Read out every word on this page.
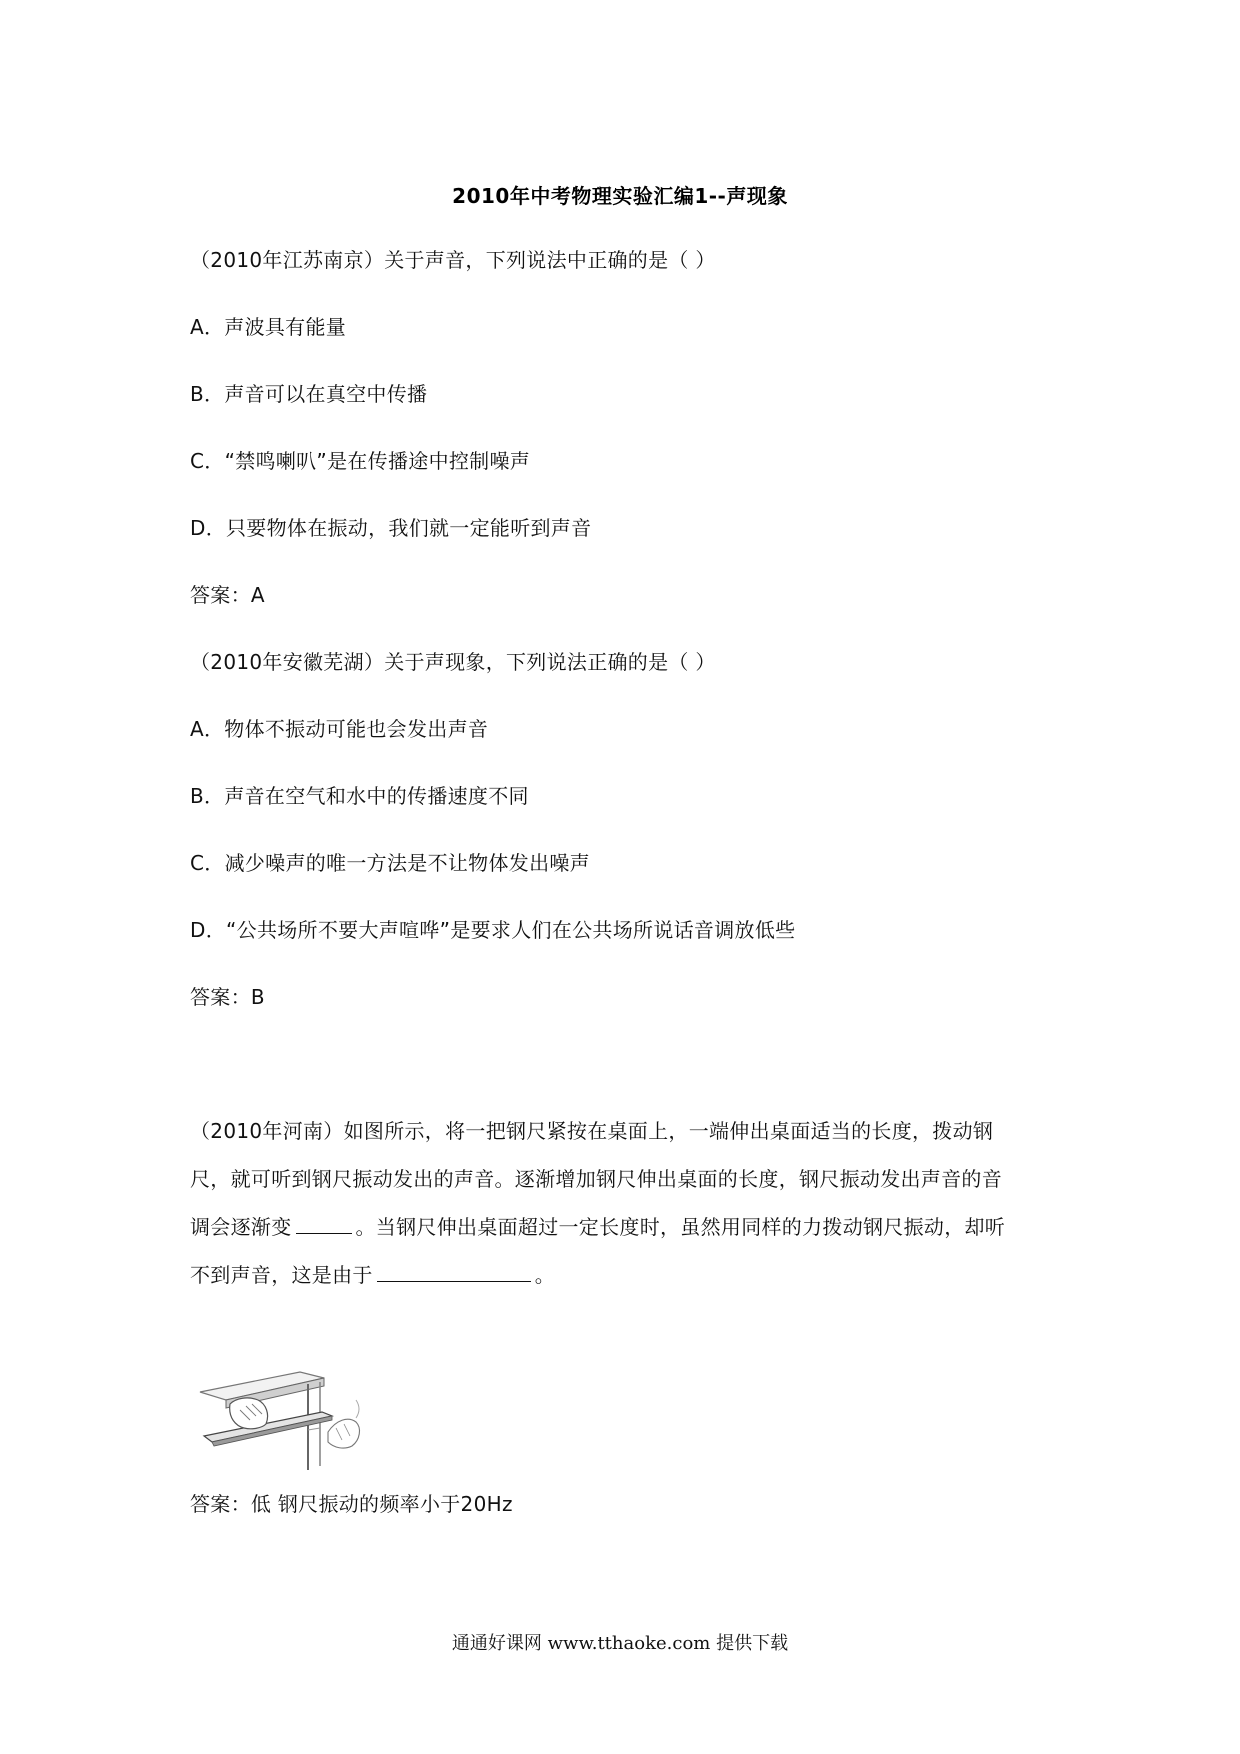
2010年中考物理实验汇编1--声现象
（2010年江苏南京）关于声音，下列说法中正确的是（ ）
A．声波具有能量
B．声音可以在真空中传播
C．“禁鸣喇叭”是在传播途中控制噪声
D．只要物体在振动，我们就一定能听到声音
答案：A
（2010年安徽芜湖）关于声现象，下列说法正确的是（ ）
A．物体不振动可能也会发出声音
B．声音在空气和水中的传播速度不同
C．减少噪声的唯一方法是不让物体发出噪声
D．“公共场所不要大声喧哗”是要求人们在公共场所说话音调放低些
答案：B
（2010年河南）如图所示，将一把钢尺紧按在桌面上，一端伸出桌面适当的长度，拨动钢
尺，就可听到钢尺振动发出的声音。逐渐增加钢尺伸出桌面的长度，钢尺振动发出声音的音
调会逐渐变	。当钢尺伸出桌面超过一定长度时，虽然用同样的力拨动钢尺振动，却听
不到声音，这是由于	。
答案：低 钢尺振动的频率小于20Hz
通通好课网 www.tthaoke.com 提供下载
